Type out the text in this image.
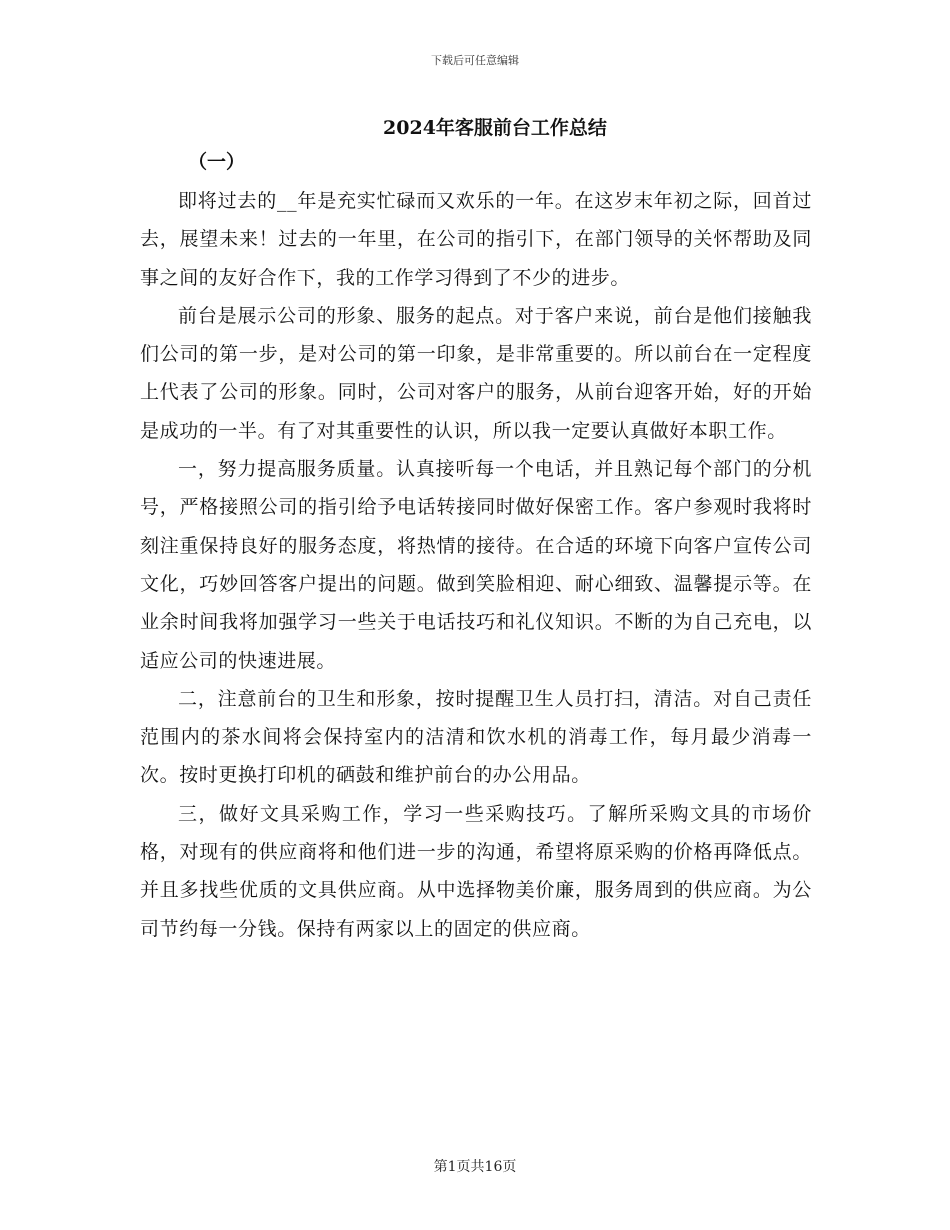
下载后可任意编辑
2024年客服前台工作总结
（一）

即将过去的__年是充实忙碌而又欢乐的一年。在这岁末年初之际，回首过去，展望未来！过去的一年里，在公司的指引下，在部门领导的关怀帮助及同事之间的友好合作下，我的工作学习得到了不少的进步。

前台是展示公司的形象、服务的起点。对于客户来说，前台是他们接触我们公司的第一步，是对公司的第一印象，是非常重要的。所以前台在一定程度上代表了公司的形象。同时，公司对客户的服务，从前台迎客开始，好的开始是成功的一半。有了对其重要性的认识，所以我一定要认真做好本职工作。

一，努力提高服务质量。认真接听每一个电话，并且熟记每个部门的分机号，严格接照公司的指引给予电话转接同时做好保密工作。客户参观时我将时刻注重保持良好的服务态度，将热情的接待。在合适的环境下向客户宣传公司文化，巧妙回答客户提出的问题。做到笑脸相迎、耐心细致、温馨提示等。在业余时间我将加强学习一些关于电话技巧和礼仪知识。不断的为自己充电，以适应公司的快速进展。

二，注意前台的卫生和形象，按时提醒卫生人员打扫，清洁。对自己责任范围内的茶水间将会保持室内的洁清和饮水机的消毒工作，每月最少消毒一次。按时更换打印机的硒鼓和维护前台的办公用品。

三，做好文具采购工作，学习一些采购技巧。了解所采购文具的市场价格，对现有的供应商将和他们进一步的沟通，希望将原采购的价格再降低点。并且多找些优质的文具供应商。从中选择物美价廉，服务周到的供应商。为公司节约每一分钱。保持有两家以上的固定的供应商。

第1页共16页
